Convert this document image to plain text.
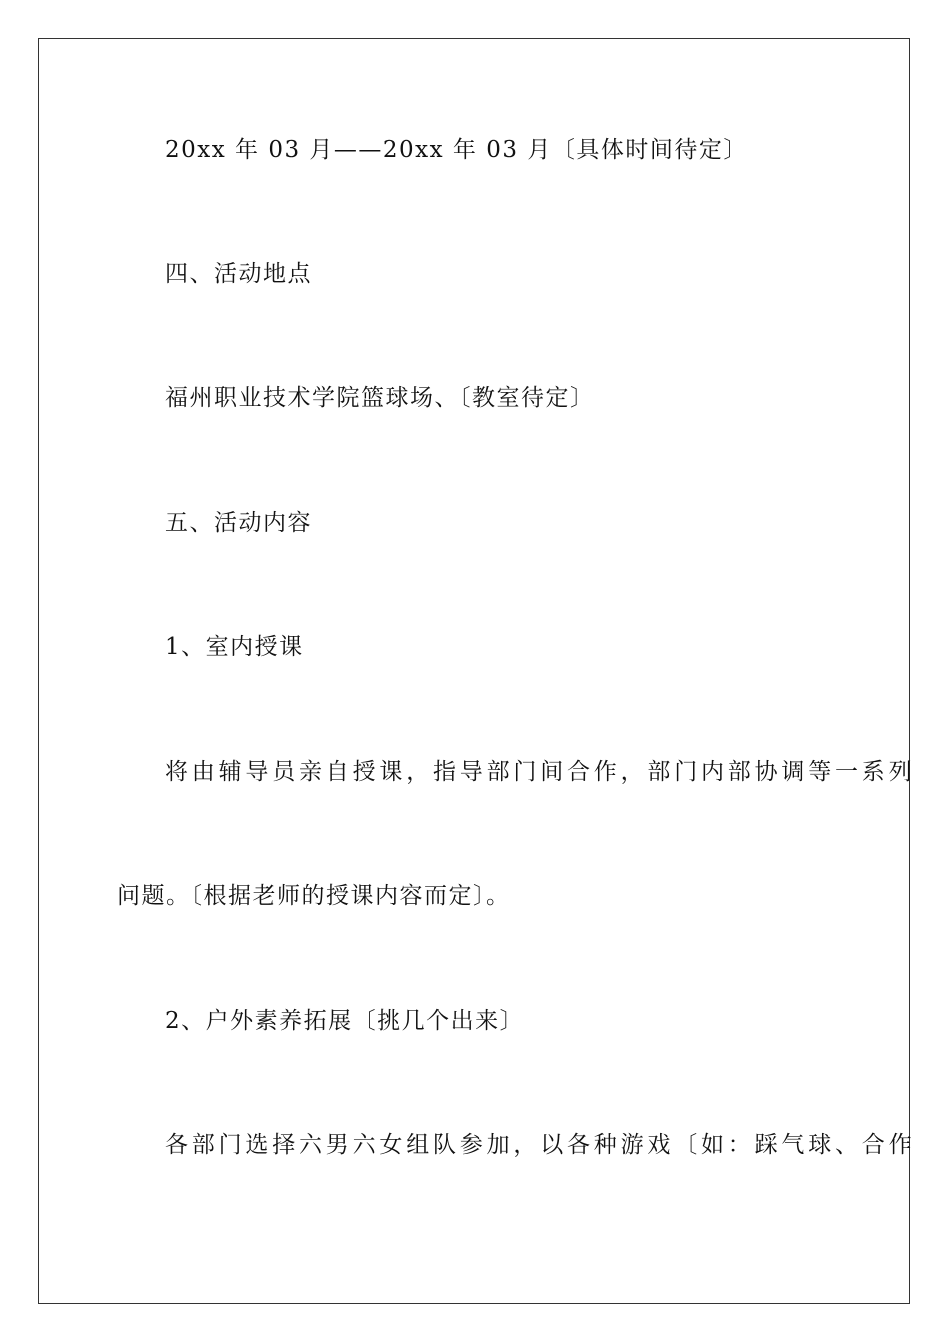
20xx 年 03 月——20xx 年 03 月〔具体时间待定〕
四、活动地点
福州职业技术学院篮球场、〔教室待定〕
五、活动内容
1、室内授课
将由辅导员亲自授课，指导部门间合作，部门内部协调等一系列
问题。〔根据老师的授课内容而定〕。
2、户外素养拓展〔挑几个出来〕
各部门选择六男六女组队参加，以各种游戏〔如：踩气球、合作
